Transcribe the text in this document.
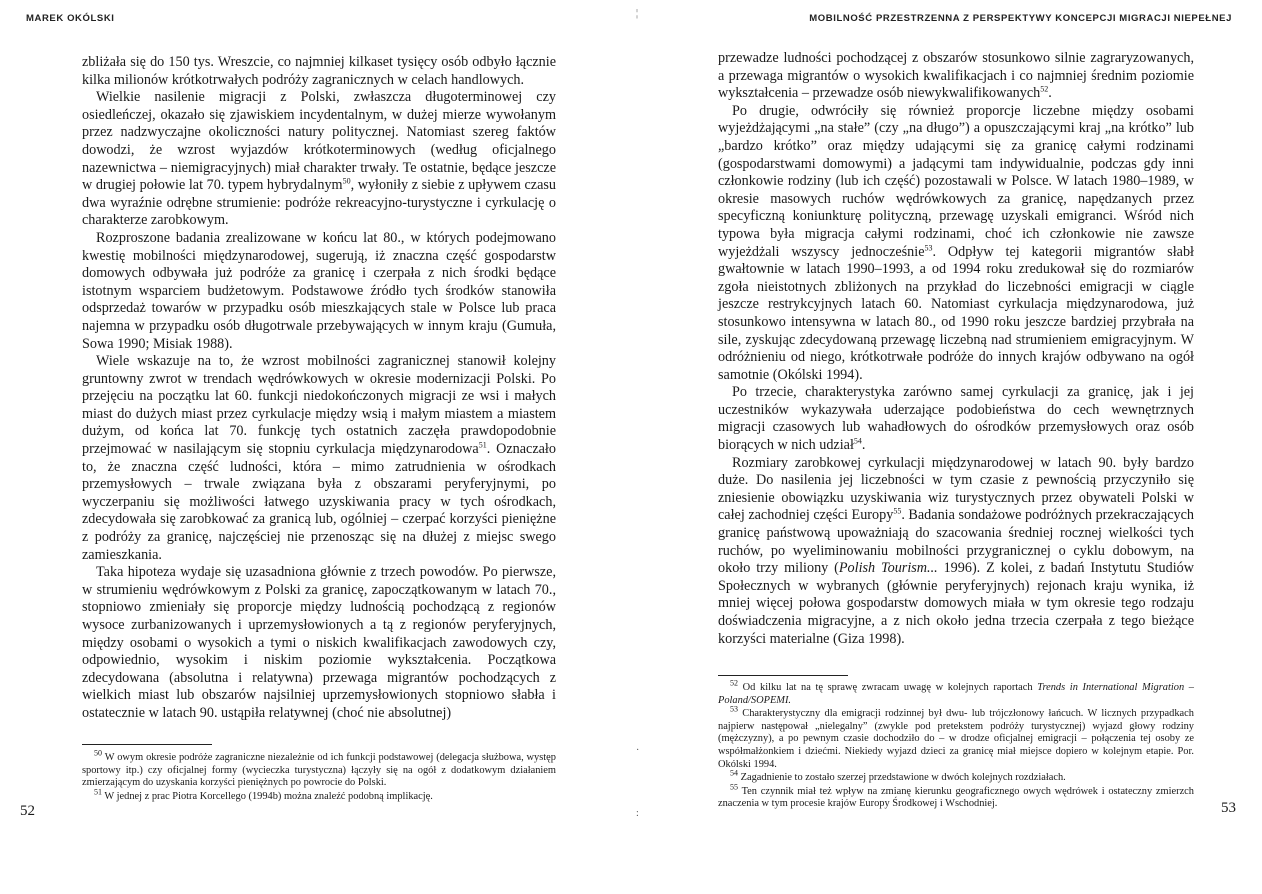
MAREK OKÓLSKI

zbliżała się do 150 tys. Wreszcie, co najmniej kilkaset tysięcy osób odbyło łącznie kilka milionów krótkotrwałych podróży zagranicznych w celach handlowych.

Wielkie nasilenie migracji z Polski, zwłaszcza długoterminowej czy osiedleńczej, okazało się zjawiskiem incydentalnym, w dużej mierze wywołanym przez nadzwyczajne okoliczności natury politycznej. Natomiast szereg faktów dowodzi, że wzrost wyjazdów krótkoterminowych (według oficjalnego nazewnictwa – niemigracyjnych) miał charakter trwały. Te ostatnie, będące jeszcze w drugiej połowie lat 70. typem hybrydalnym$^{50}$, wyłoniły z siebie z upływem czasu dwa wyraźnie odrębne strumienie: podróże rekreacyjno-turystyczne i cyrkulację o charakterze zarobkowym.

Rozproszone badania zrealizowane w końcu lat 80., w których podejmowano kwestię mobilności międzynarodowej, sugerują, iż znaczna część gospodarstw domowych odbywała już podróże za granicę i czerpała z nich środki będące istotnym wsparciem budżetowym. Podstawowe źródło tych środków stanowiła odsprzedaż towarów w przypadku osób mieszkających stale w Polsce lub praca najemna w przypadku osób długotrwale przebywających w innym kraju (Gumuła, Sowa 1990; Misiak 1988).

Wiele wskazuje na to, że wzrost mobilności zagranicznej stanowił kolejny gruntowny zwrot w trendach wędrówkowych w okresie modernizacji Polski. Po przejęciu na początku lat 60. funkcji niedokończonych migracji ze wsi i małych miast do dużych miast przez cyrkulacje między wsią i małym miastem a miastem dużym, od końca lat 70. funkcję tych ostatnich zaczęła prawdopodobnie przejmować w nasilającym się stopniu cyrkulacja międzynarodowa$^{51}$. Oznaczało to, że znaczna część ludności, która – mimo zatrudnienia w ośrodkach przemysłowych – trwale związana była z obszarami peryferyjnymi, po wyczerpaniu się możliwości łatwego uzyskiwania pracy w tych ośrodkach, zdecydowała się zarobkować za granicą lub, ogólniej – czerpać korzyści pieniężne z podróży za granicę, najczęściej nie przenosząc się na dłużej z miejsc swego zamieszkania.

Taka hipoteza wydaje się uzasadniona głównie z trzech powodów. Po pierwsze, w strumieniu wędrówkowym z Polski za granicę, zapoczątkowanym w latach 70., stopniowo zmieniały się proporcje między ludnością pochodzącą z regionów wysoce zurbanizowanych i uprzemysłowionych a tą z regionów peryferyjnych, między osobami o wysokich a tymi o niskich kwalifikacjach zawodowych czy, odpowiednio, wysokim i niskim poziomie wykształcenia. Początkowa zdecydowana (absolutna i relatywna) przewaga migrantów pochodzących z wielkich miast lub obszarów najsilniej uprzemysłowionych stopniowo słabła i ostatecznie w latach 90. ustąpiła relatywnej (choć nie absolutnej)

$^{50}$ W owym okresie podróże zagraniczne niezależnie od ich funkcji podstawowej (delegacja służbowa, występ sportowy itp.) czy oficjalnej formy (wycieczka turystyczna) łączyły się na ogół z dodatkowym działaniem zmierzającym do uzyskania korzyści pieniężnych po powrocie do Polski.

$^{51}$ W jednej z prac Piotra Korcellego (1994b) można znaleźć podobną implikację.

52
¦
·
:
MOBILNOŚĆ PRZESTRZENNA Z PERSPEKTYWY KONCEPCJI MIGRACJI NIEPEŁNEJ

przewadze ludności pochodzącej z obszarów stosunkowo silnie zagraryzowanych, a przewaga migrantów o wysokich kwalifikacjach i co najmniej średnim poziomie wykształcenia – przewadze osób niewykwalifikowanych$^{52}$.

Po drugie, odwróciły się również proporcje liczebne między osobami wyjeżdżającymi „na stałe” (czy „na długo”) a opuszczającymi kraj „na krótko” lub „bardzo krótko” oraz między udającymi się za granicę całymi rodzinami (gospodarstwami domowymi) a jadącymi tam indywidualnie, podczas gdy inni członkowie rodziny (lub ich część) pozostawali w Polsce. W latach 1980–1989, w okresie masowych ruchów wędrówkowych za granicę, napędzanych przez specyficzną koniunkturę polityczną, przewagę uzyskali emigranci. Wśród nich typowa była migracja całymi rodzinami, choć ich członkowie nie zawsze wyjeżdżali wszyscy jednocześnie$^{53}$. Odpływ tej kategorii migrantów słabł gwałtownie w latach 1990–1993, a od 1994 roku zredukował się do rozmiarów zgoła nieistotnych zbliżonych na przykład do liczebności emigracji w ciągle jeszcze restrykcyjnych latach 60. Natomiast cyrkulacja międzynarodowa, już stosunkowo intensywna w latach 80., od 1990 roku jeszcze bardziej przybrała na sile, zyskując zdecydowaną przewagę liczebną nad strumieniem emigracyjnym. W odróżnieniu od niego, krótkotrwałe podróże do innych krajów odbywano na ogół samotnie (Okólski 1994).

Po trzecie, charakterystyka zarówno samej cyrkulacji za granicę, jak i jej uczestników wykazywała uderzające podobieństwa do cech wewnętrznych migracji czasowych lub wahadłowych do ośrodków przemysłowych oraz osób biorących w nich udział$^{54}$.

Rozmiary zarobkowej cyrkulacji międzynarodowej w latach 90. były bardzo duże. Do nasilenia jej liczebności w tym czasie z pewnością przyczyniło się zniesienie obowiązku uzyskiwania wiz turystycznych przez obywateli Polski w całej zachodniej części Europy$^{55}$. Badania sondażowe podróżnych przekraczających granicę państwową upoważniają do szacowania średniej rocznej wielkości tych ruchów, po wyeliminowaniu mobilności przygranicznej o cyklu dobowym, na około trzy miliony (Polish Tourism... 1996). Z kolei, z badań Instytutu Studiów Społecznych w wybranych (głównie peryferyjnych) rejonach kraju wynika, iż mniej więcej połowa gospodarstw domowych miała w tym okresie tego rodzaju doświadczenia migracyjne, a z nich około jedna trzecia czerpała z tego bieżące korzyści materialne (Giza 1998).

$^{52}$ Od kilku lat na tę sprawę zwracam uwagę w kolejnych raportach Trends in International Migration – Poland/SOPEMI.

$^{53}$ Charakterystyczny dla emigracji rodzinnej był dwu- lub trójczłonowy łańcuch. W licznych przypadkach najpierw następował „nielegalny” (zwykle pod pretekstem podróży turystycznej) wyjazd głowy rodziny (mężczyzny), a po pewnym czasie dochodziło do – w drodze oficjalnej emigracji – połączenia tej osoby ze współmałżonkiem i dziećmi. Niekiedy wyjazd dzieci za granicę miał miejsce dopiero w kolejnym etapie. Por. Okólski 1994.

$^{54}$ Zagadnienie to zostało szerzej przedstawione w dwóch kolejnych rozdziałach.

$^{55}$ Ten czynnik miał też wpływ na zmianę kierunku geograficznego owych wędrówek i ostateczny zmierzch znaczenia w tym procesie krajów Europy Środkowej i Wschodniej.	53
